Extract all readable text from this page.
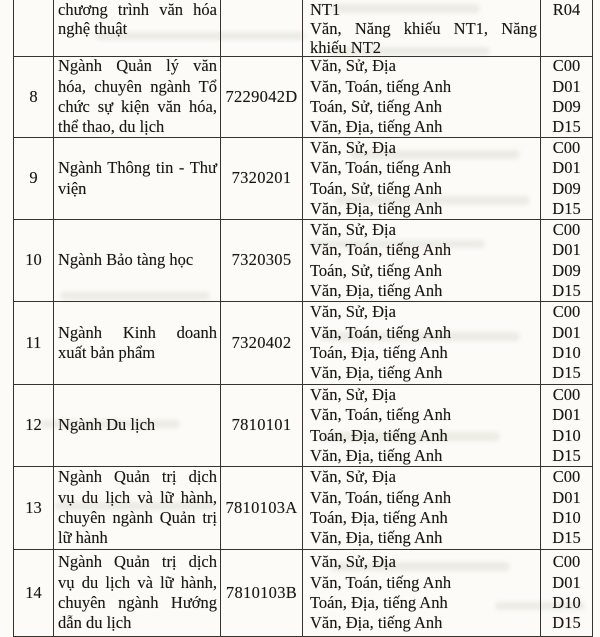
chương trình văn hóa
nghệ thuật
NT1
Văn, Năng khiếu NT1, Năng
khiếu NT2
R04
8
Ngành Quản lý văn
hóa, chuyên ngành Tổ
chức sự kiện văn hóa,
thể thao, du lịch
7229042D
Văn, Sử, Địa
Văn, Toán, tiếng Anh
Toán, Sử, tiếng Anh
Văn, Địa, tiếng Anh
C00
D01
D09
D15
9
Ngành Thông tin - Thư
viện
7320201
Văn, Sử, Địa
Văn, Toán, tiếng Anh
Toán, Sử, tiếng Anh
Văn, Địa, tiếng Anh
C00
D01
D09
D15
10 Ngành Bảo tàng học	7320305
Văn, Sử, Địa
Văn, Toán, tiếng Anh
Toán, Sử, tiếng Anh
Văn, Địa, tiếng Anh
C00
D01
D09
D15
11
Ngành Kinh doanh
xuất bản phẩm
7320402
Văn, Sử, Địa
Văn, Toán, tiếng Anh
Toán, Địa, tiếng Anh
Văn, Địa, tiếng Anh
C00
D01
D10
D15
12 Ngành Du lịch	7810101
Văn, Sử, Địa
Văn, Toán, tiếng Anh
Toán, Địa, tiếng Anh
Văn, Địa, tiếng Anh
C00
D01
D10
D15
13
Ngành Quản trị dịch
vụ du lịch và lữ hành,
chuyên ngành Quản trị
lữ hành
7810103A
Văn, Sử, Địa
Văn, Toán, tiếng Anh
Toán, Địa, tiếng Anh
Văn, Địa, tiếng Anh
C00
D01
D10
D15
14
Ngành Quản trị dịch
vụ du lịch và lữ hành,
chuyên ngành Hướng
dẫn du lịch
7810103B
Văn, Sử, Địa
Văn, Toán, tiếng Anh
Toán, Địa, tiếng Anh
Văn, Địa, tiếng Anh
C00
D01
D10
D15
